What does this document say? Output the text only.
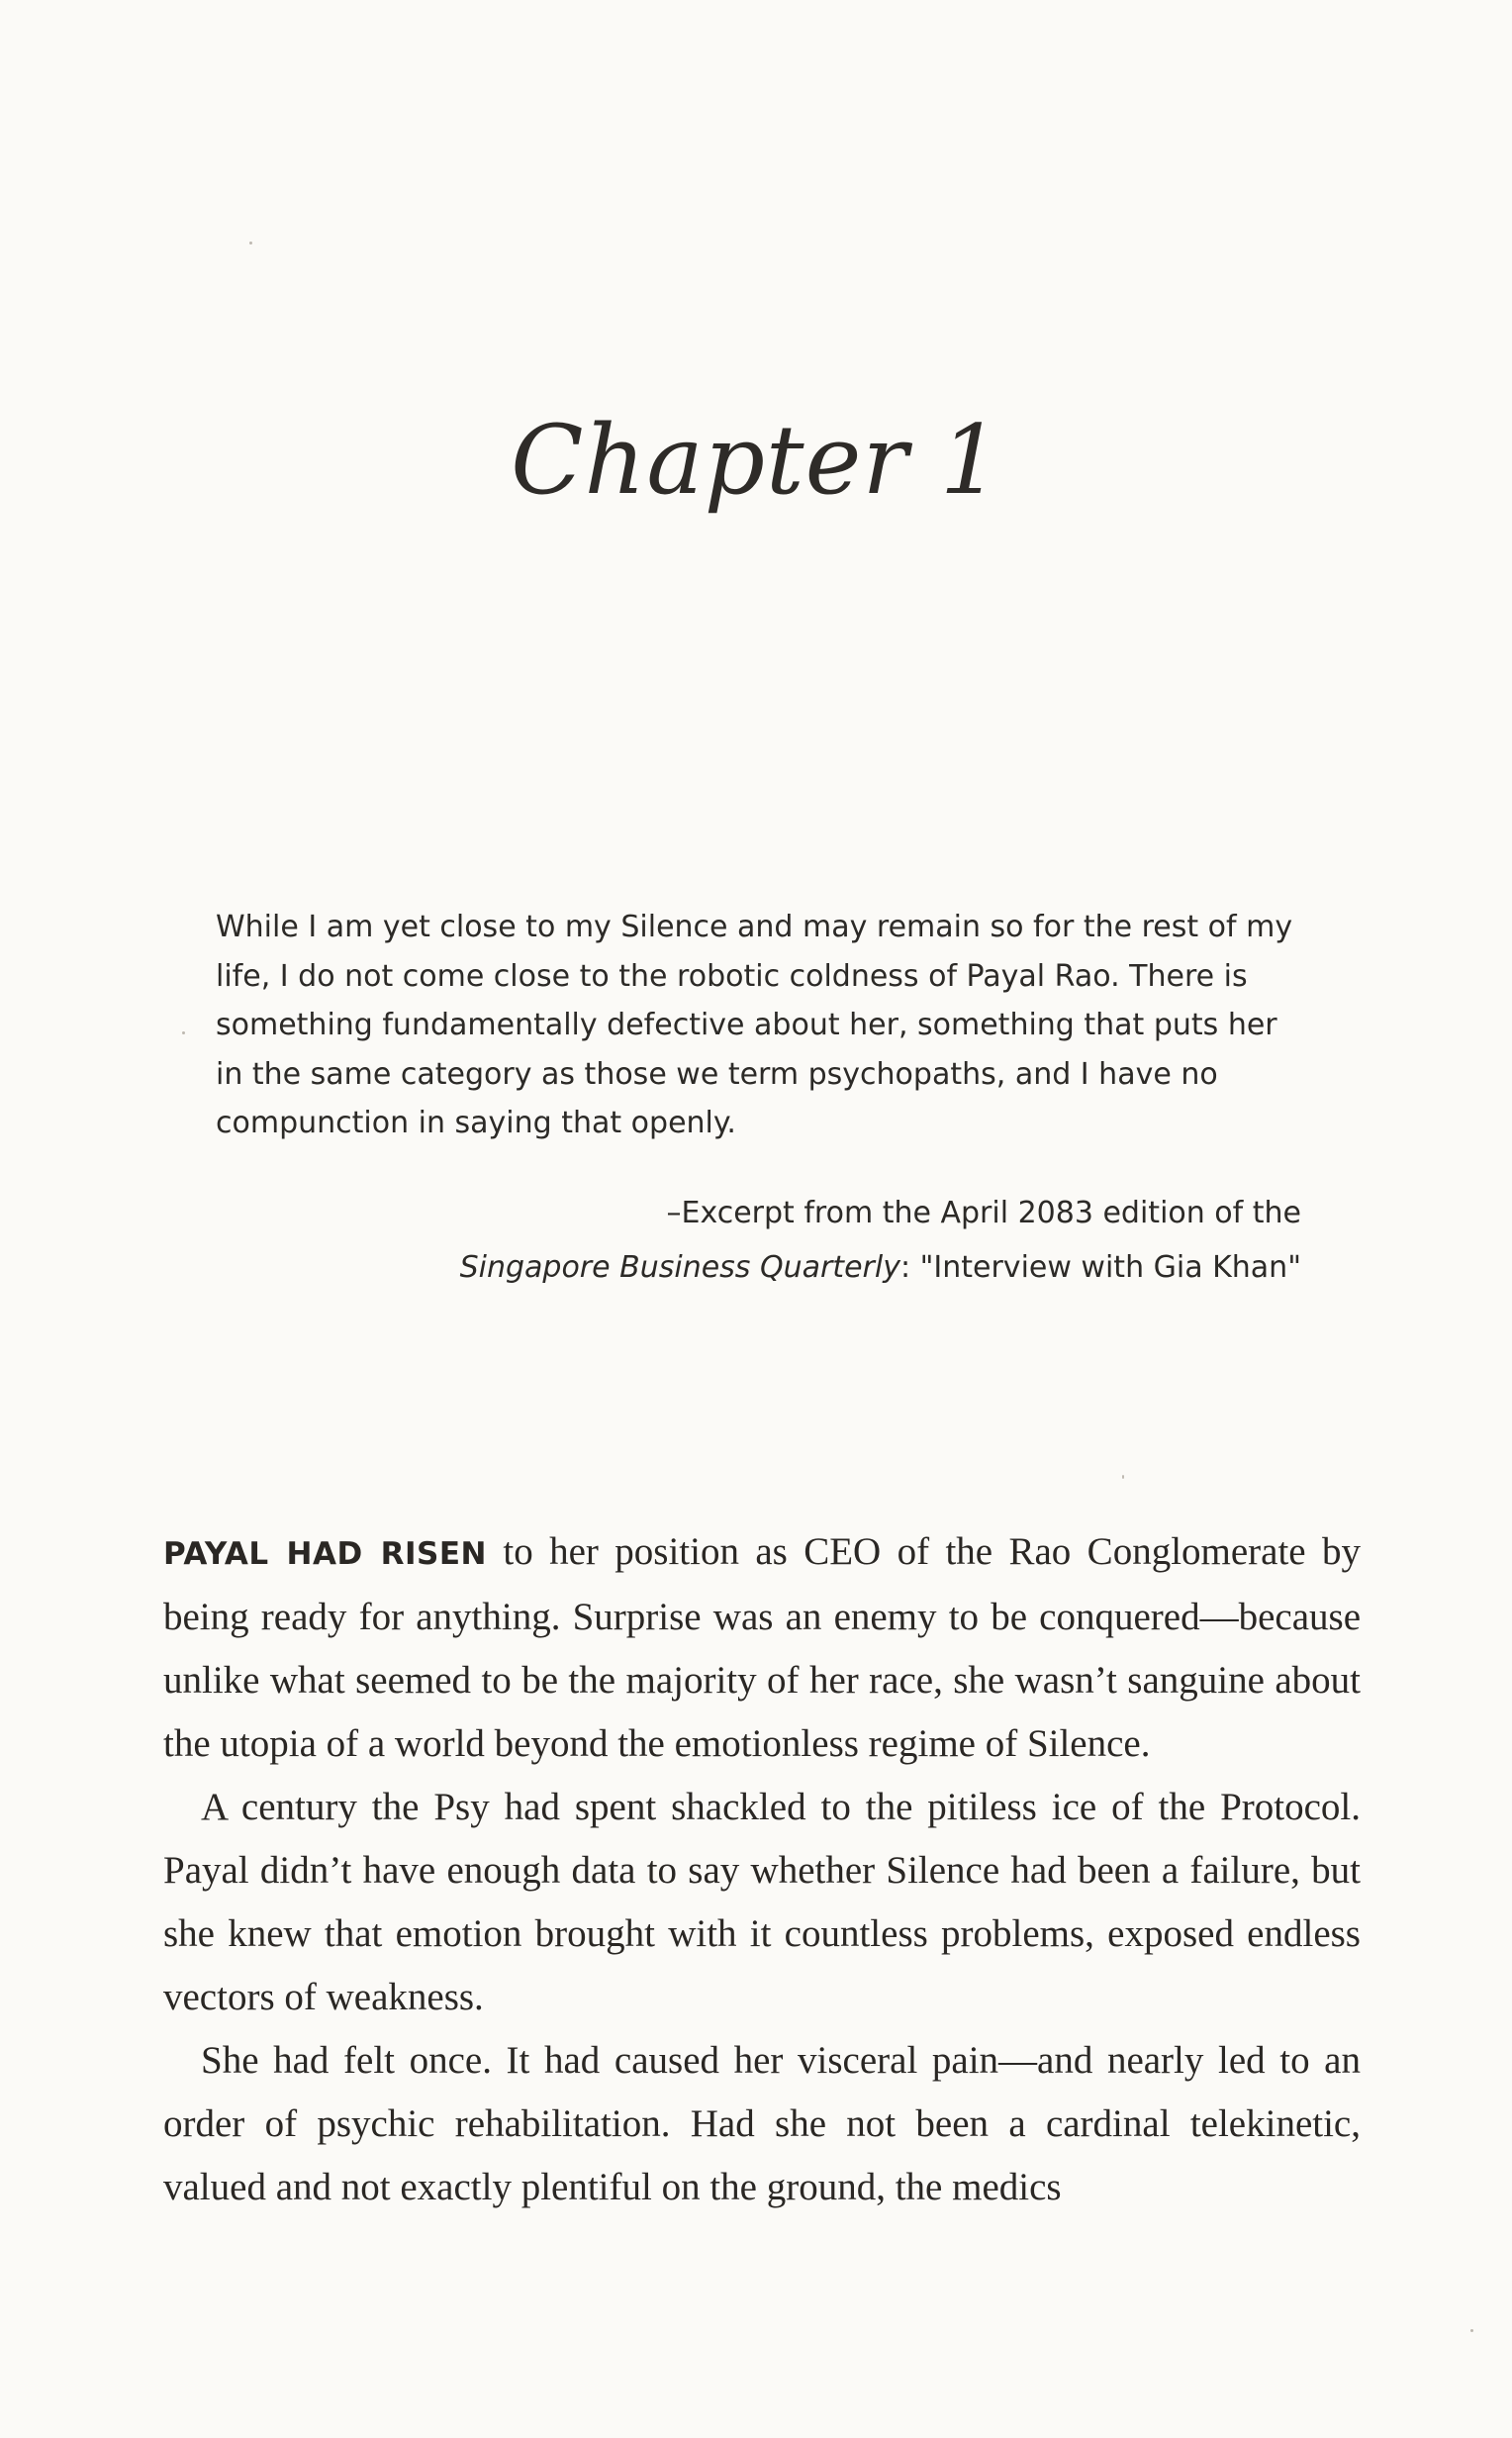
Chapter 1

While I am yet close to my Silence and may remain so for the rest of my life, I do not come close to the robotic coldness of Payal Rao. There is something fundamentally defective about her, something that puts her in the same category as those we term psychopaths, and I have no compunction in saying that openly.

–Excerpt from the April 2083 edition of the
Singapore Business Quarterly: "Interview with Gia Khan"

PAYAL HAD RISEN to her position as CEO of the Rao Conglomerate by being ready for anything. Surprise was an enemy to be conquered—because unlike what seemed to be the majority of her race, she wasn’t sanguine about the utopia of a world beyond the emotionless regime of Silence.

A century the Psy had spent shackled to the pitiless ice of the Protocol. Payal didn’t have enough data to say whether Silence had been a failure, but she knew that emotion brought with it countless problems, exposed endless vectors of weakness.

She had felt once. It had caused her visceral pain—and nearly led to an order of psychic rehabilitation. Had she not been a cardinal telekinetic, valued and not exactly plentiful on the ground, the medics
